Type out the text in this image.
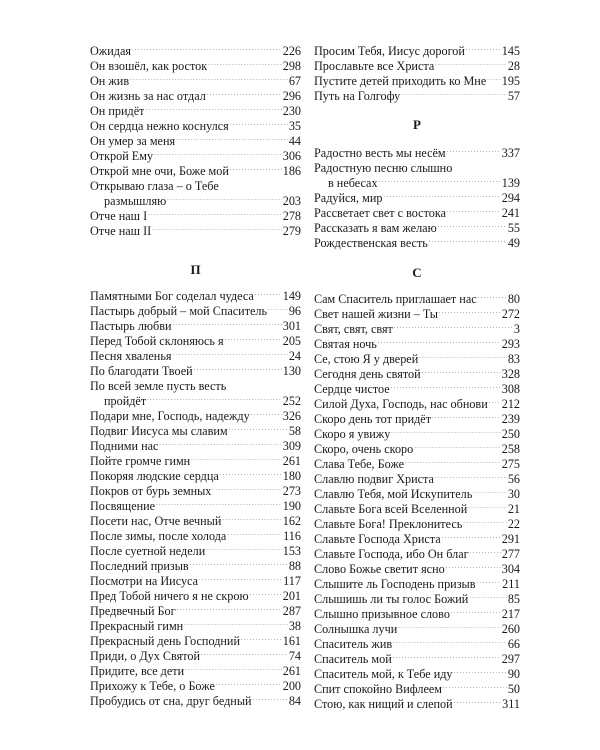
Ожидая . . .	226
Он взошёл, как росток . . .	298
Он жив . . .	67
Он жизнь за нас отдал . . .	296
Он придёт . . .	230
Он сердца нежно коснулся . . .	35
Он умер за меня . . .	44
Открой Ему . . .	306
Открой мне очи, Боже мой . . .	186
Открываю глаза – о Тебе
размышляю . . .	203
Отче наш I . . .	278
Отче наш II . . .	279
П
Памятными Бог соделал чудеса . . . 149
Пастырь добрый – мой Спаситель . . . 96
Пастырь любви . . .	301
Перед Тобой склоняюсь я . . .	205
Песня хваленья . . .	24
По благодати Твоей . . .	130
По всей земле пусть весть
пройдёт . . .	252
Подари мне, Господь, надежду . . .	326
Подвиг Иисуса мы славим . . .	58
Подними нас . . .	309
Пойте громче гимн . . .	261
Покоряя людские сердца . . .	180
Покров от бурь земных . . .	273
Посвящение . . .	190
Посети нас, Отче вечный . . .	162
После зимы, после холода . . .	116
После суетной недели . . .	153
Последний призыв . . .	88
Посмотри на Иисуса . . .	117
Пред Тобой ничего я не скрою . . .	201
Предвечный Бог . . .	287
Прекрасный гимн . . .	38
Прекрасный день Господний . . .	161
Приди, о Дух Святой . . .	74
Придите, все дети . . .	261
Прихожу к Тебе, о Боже . . .	200
Пробудись от сна, друг бедный . . .	84
Просим Тебя, Иисус дорогой . . .	145
Прославьте все Христа . . .	28
Пустите детей приходить ко Мне . . . 195
Путь на Голгофу . . .	57
Р
Радостно весть мы несём . . .	337
Радостную песню слышно
в небесах . . .	139
Радуйся, мир . . .	294
Рассветает свет с востока . . .	241
Рассказать я вам желаю . . .	55
Рождественская весть . . .	49
С
Сам Спаситель приглашает нас . . .	80
Свет нашей жизни – Ты . . .	272
Свят, свят, свят . . .	3
Святая ночь . . .	293
Се, стою Я у дверей . . .	83
Сегодня день святой . . .	328
Сердце чистое . . .	308
Силой Духа, Господь, нас обнови . . . 212
Скоро день тот придёт . . .	239
Скоро я увижу . . .	250
Скоро, очень скоро . . .	258
Слава Тебе, Боже . . .	275
Славлю подвиг Христа . . .	56
Славлю Тебя, мой Искупитель . . .	30
Славьте Бога всей Вселенной . . .	21
Славьте Бога! Преклонитесь . . .	22
Славьте Господа Христа . . .	291
Славьте Господа, ибо Он благ . . .	277
Слово Божье светит ясно . . .	304
Слышите ль Господень призыв . . . 211
Слышишь ли ты голос Божий . . .	85
Слышно призывное слово . . .	217
Солнышка лучи . . .	260
Спаситель жив . . .	66
Спаситель мой . . .	297
Спаситель мой, к Тебе иду . . .	90
Спит спокойно Вифлеем . . .	50
Стою, как нищий и слепой . . .	311
